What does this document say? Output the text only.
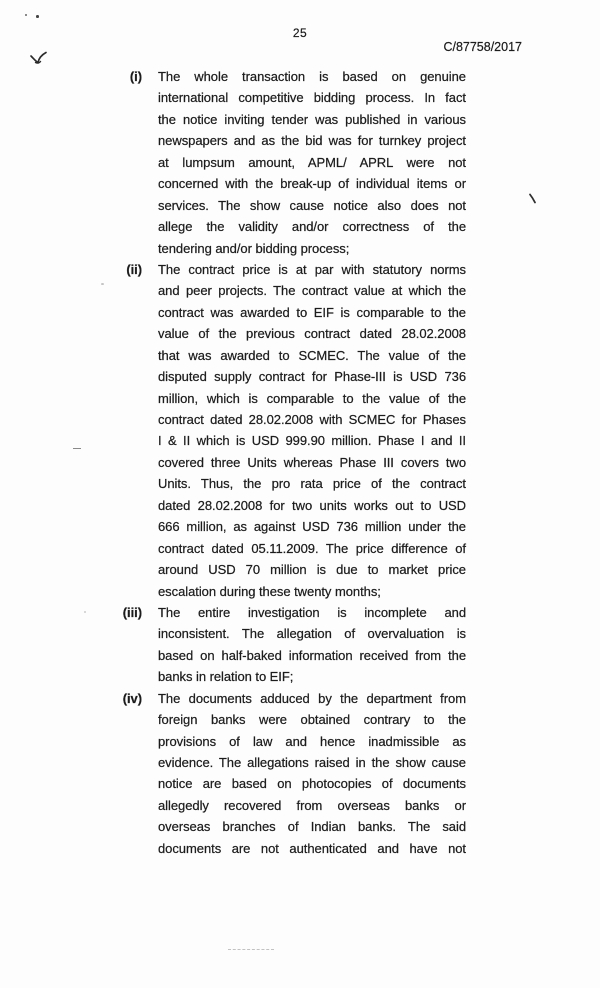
25
C/87758/2017
(i) The whole transaction is based on genuine
international competitive bidding process. In fact
the notice inviting tender was published in various
newspapers and as the bid was for turnkey project
at lumpsum amount, APML/ APRL were not
concerned with the break-up of individual items or
services. The show cause notice also does not
allege the validity and/or correctness of the
tendering and/or bidding process;
(ii) The contract price is at par with statutory norms
and peer projects. The contract value at which the
contract was awarded to EIF is comparable to the
value of the previous contract dated 28.02.2008
that was awarded to SCMEC. The value of the
disputed supply contract for Phase-III is USD 736
million, which is comparable to the value of the
contract dated 28.02.2008 with SCMEC for Phases
I & II which is USD 999.90 million. Phase I and II
covered three Units whereas Phase III covers two
Units. Thus, the pro rata price of the contract
dated 28.02.2008 for two units works out to USD
666 million, as against USD 736 million under the
contract dated 05.11.2009. The price difference of
around USD 70 million is due to market price
escalation during these twenty months;
(iii) The entire investigation is incomplete and
inconsistent. The allegation of overvaluation is
based on half-baked information received from the
banks in relation to EIF;
(iv) The documents adduced by the department from
foreign banks were obtained contrary to the
provisions of law and hence inadmissible as
evidence. The allegations raised in the show cause
notice are based on photocopies of documents
allegedly recovered from overseas banks or
overseas branches of Indian banks. The said
documents are not authenticated and have not
